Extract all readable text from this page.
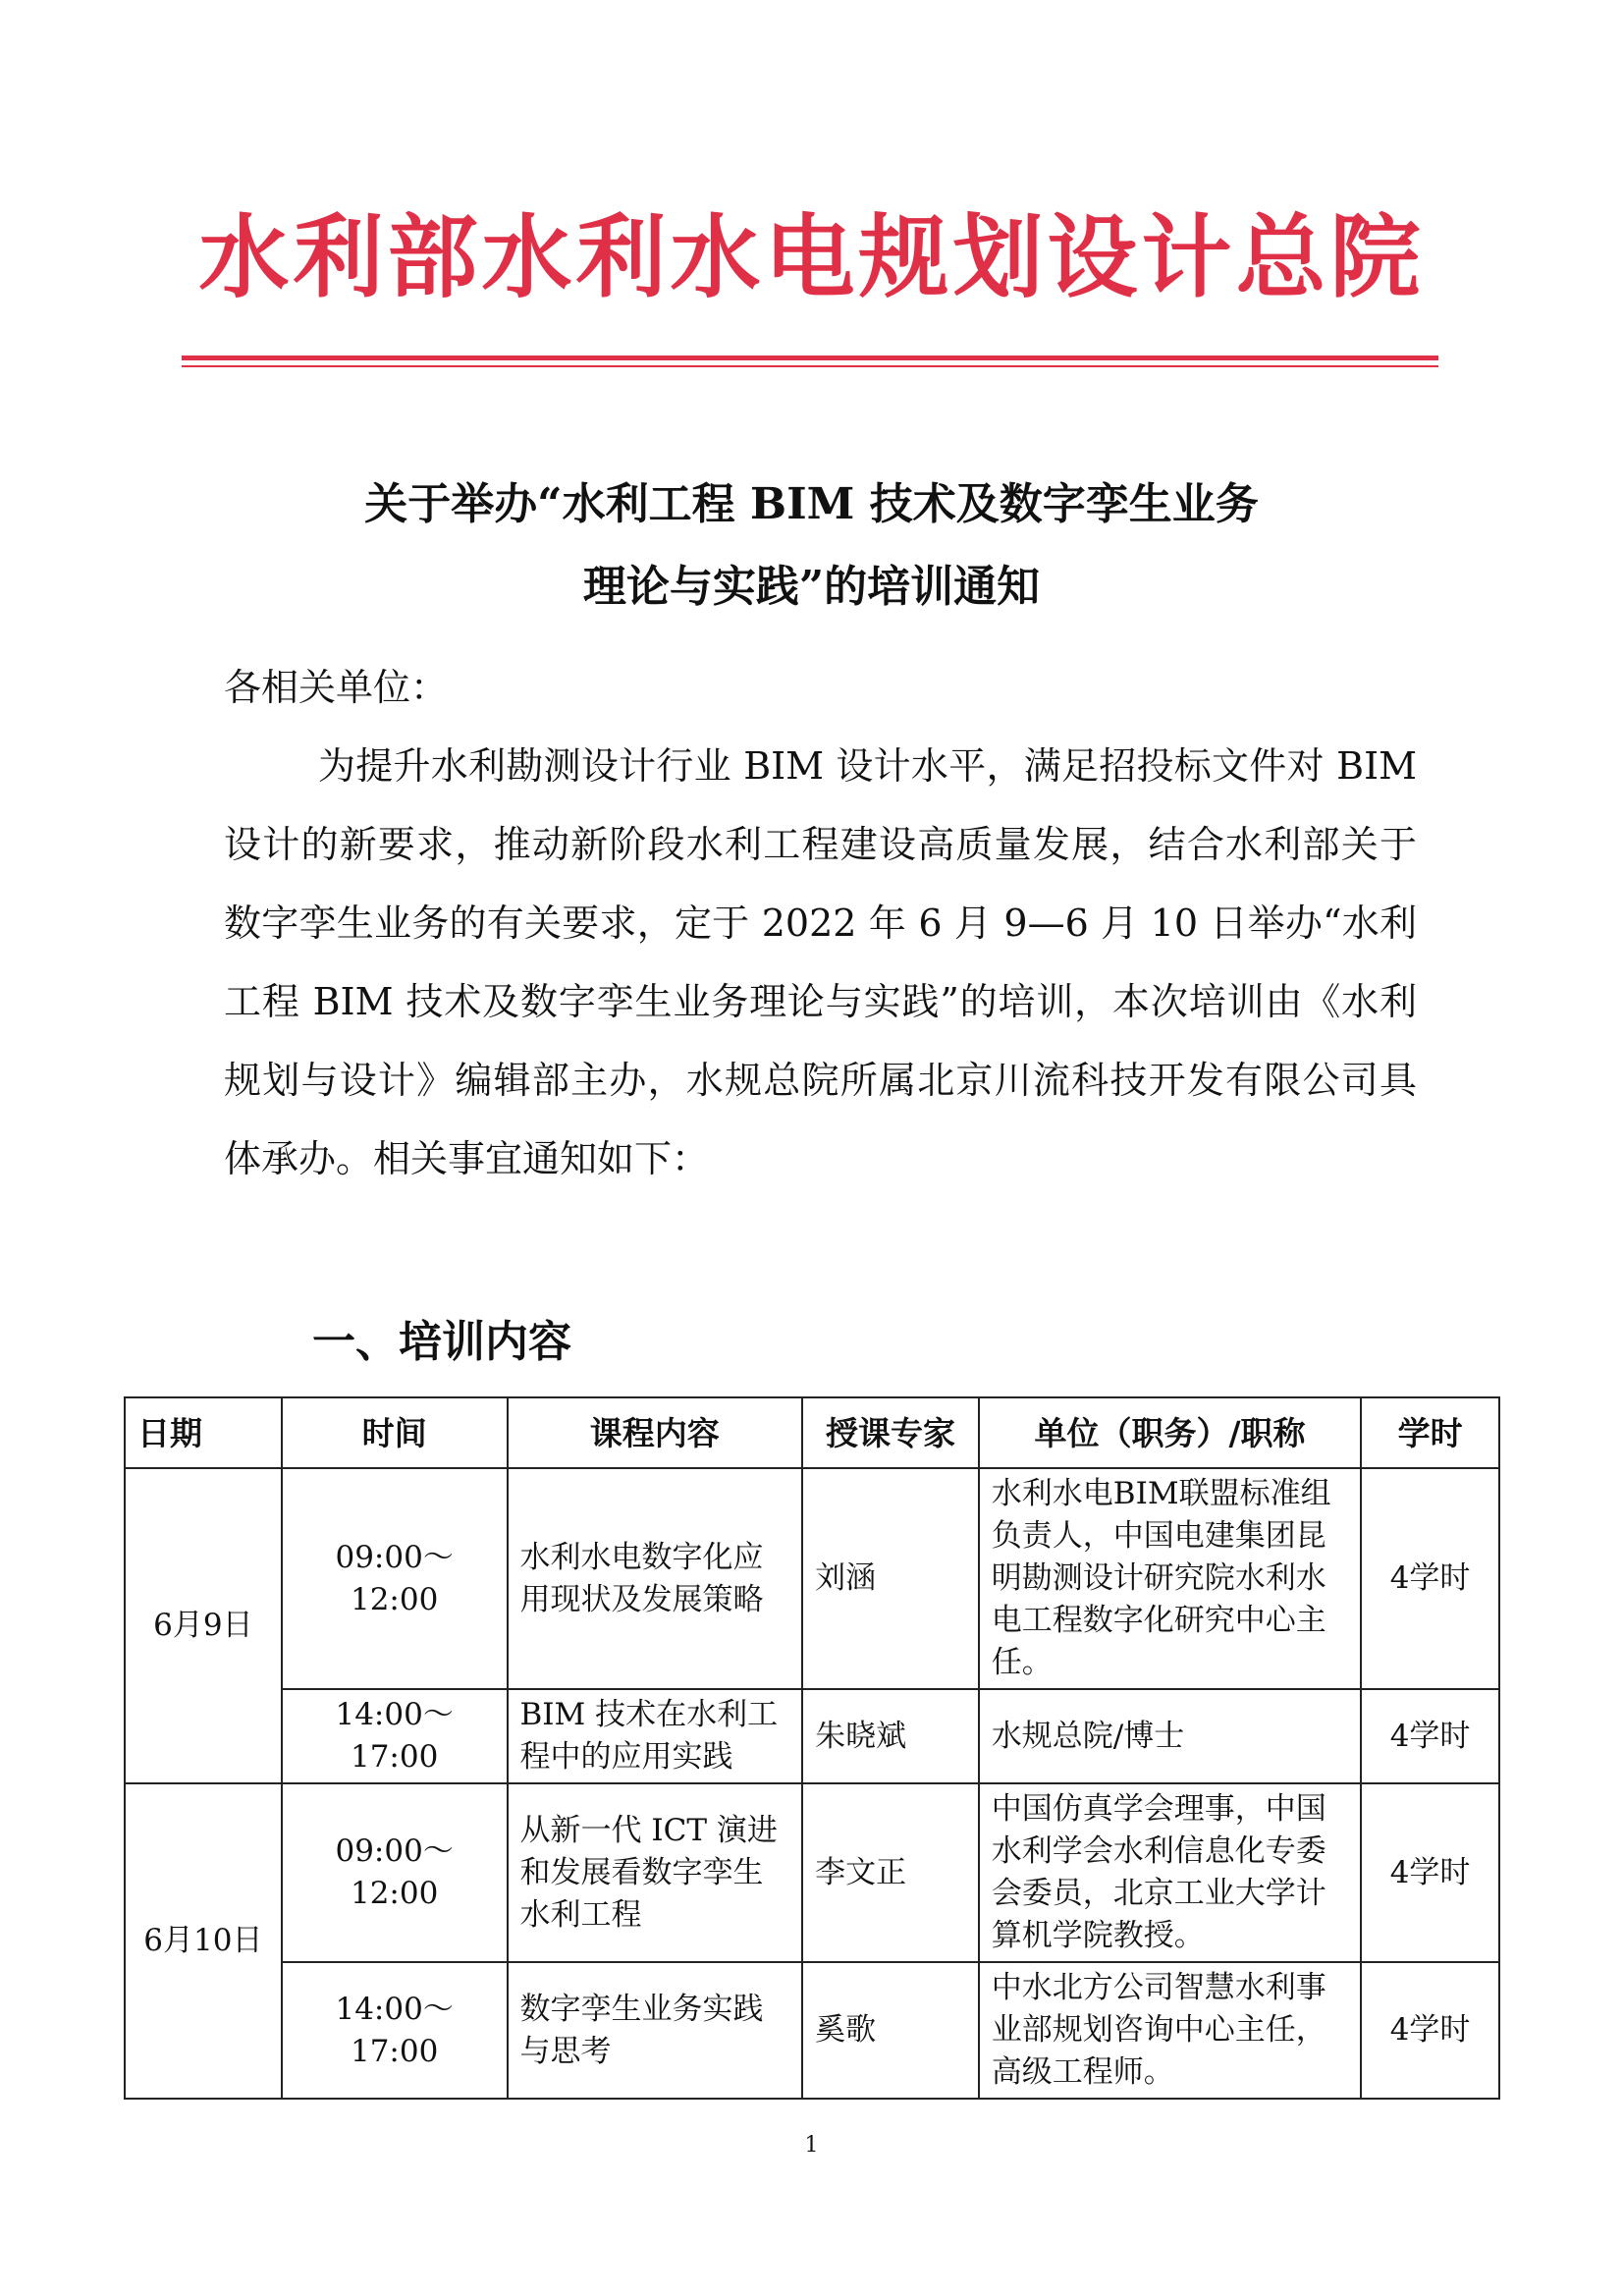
水利部水利水电规划设计总院
关于举办“水利工程 BIM 技术及数字孪生业务
理论与实践”的培训通知
各相关单位：
为提升水利勘测设计行业 BIM 设计水平，满足招投标文件对 BIM 设计的新要求，推动新阶段水利工程建设高质量发展，结合水利部关于数字孪生业务的有关要求，定于 2022 年 6 月 9—6 月 10 日举办“水利工程 BIM 技术及数字孪生业务理论与实践”的培训，本次培训由《水利规划与设计》编辑部主办，水规总院所属北京川流科技开发有限公司具体承办。相关事宜通知如下：
一、培训内容
日期	时间	课程内容	授课专家	单位（职务）/职称	学时
6月9日	09:00～12:00	水利水电数字化应用现状及发展策略	刘涵	水利水电BIM联盟标准组负责人，中国电建集团昆明勘测设计研究院水利水电工程数字化研究中心主任。	4学时
	14:00～17:00	BIM 技术在水利工程中的应用实践	朱晓斌	水规总院/博士	4学时
6月10日	09:00～12:00	从新一代 ICT 演进和发展看数字孪生水利工程	李文正	中国仿真学会理事，中国水利学会水利信息化专委会委员，北京工业大学计算机学院教授。	4学时
	14:00～17:00	数字孪生业务实践与思考	奚歌	中水北方公司智慧水利事业部规划咨询中心主任，高级工程师。	4学时
1
